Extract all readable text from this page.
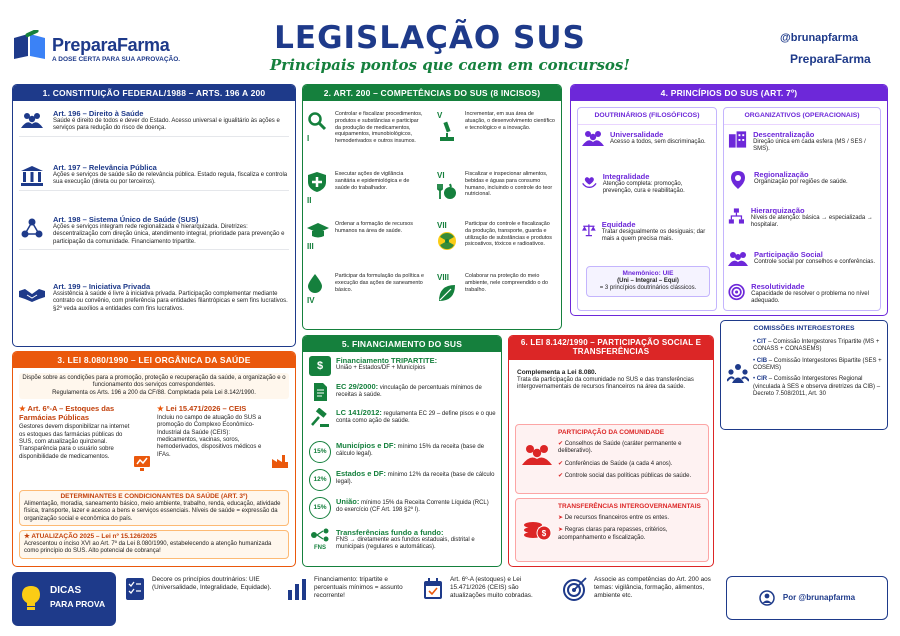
PreparaFarma
A DOSE CERTA PARA SUA APROVAÇÃO.
LEGISLAÇÃO SUS
Principais pontos que caem em concursos!
@brunapfarma
PreparaFarma
1. CONSTITUIÇÃO FEDERAL/1988 – ARTS. 196 A 200
Art. 196 – Direito à Saúde
Saúde é direito de todos e dever do Estado. Acesso universal e igualitário às ações e serviços para redução do risco de doença.
Art. 197 – Relevância Pública
Ações e serviços de saúde são de relevância pública. Estado regula, fiscaliza e controla sua execução (direta ou por terceiros).
Art. 198 – Sistema Único de Saúde (SUS)
Ações e serviços integram rede regionalizada e hierarquizada. Diretrizes: descentralização com direção única, atendimento integral, prioridade para prevenção e participação da comunidade. Financiamento tripartite.
Art. 199 – Iniciativa Privada
Assistência à saúde é livre à iniciativa privada. Participação complementar mediante contrato ou convênio, com preferência para entidades filantrópicas e sem fins lucrativos. §2º veda auxílios a entidades com fins lucrativos.
2. ART. 200 – COMPETÊNCIAS DO SUS (8 INCISOS)
I
Controlar e fiscalizar procedimentos, produtos e substâncias e participar da produção de medicamentos, equipamentos, imunobiológicos, hemoderivados e outros insumos.
V	Incrementar, em sua área de atuação, o desenvolvimento científico e tecnológico e a inovação.
II
Executar ações de vigilância sanitária e epidemiológica e de saúde do trabalhador.
VI	Fiscalizar e inspecionar alimentos, bebidas e águas para consumo humano, incluindo o controle do teor nutricional.
III
Ordenar a formação de recursos humanos na área de saúde.
VII	Participar do controle e fiscalização da produção, transporte, guarda e utilização de substâncias e produtos psicoativos, tóxicos e radioativos.
IV
Participar da formulação da política e execução das ações de saneamento básico.
VIII	Colaborar na proteção do meio ambiente, nele compreendido o do trabalho.
4. PRINCÍPIOS DO SUS (ART. 7º)
DOUTRINÁRIOS (FILOSÓFICOS)
Universalidade
Acesso a todos, sem discriminação.
Integralidade
Atenção completa: promoção, prevenção, cura e reabilitação.
Equidade
Tratar desigualmente os desiguais; dar mais a quem precisa mais.
Mnemônico: UIE
(Uni – Integral – Equi)
= 3 princípios doutrinários clássicos.
ORGANIZATIVOS (OPERACIONAIS)
Descentralização
Direção única em cada esfera (MS / SES / SMS).
Regionalização
Organização por regiões de saúde.
Hierarquização
Níveis de atenção: básica → especializada → hospitalar.
Participação Social
Controle social por conselhos e conferências.
Resolutividade
Capacidade de resolver o problema no nível adequado.
3. LEI 8.080/1990 – LEI ORGÂNICA DA SAÚDE
Dispõe sobre as condições para a promoção, proteção e recuperação da saúde, a organização e o funcionamento dos serviços correspondentes.
Regulamenta os Arts. 196 a 200 da CF/88. Completada pela Lei 8.142/1990.
★ Art. 6º-A – Estoques das Farmácias Públicas
Gestores devem disponibilizar na internet os estoques das farmácias públicas do SUS, com atualização quinzenal. Transparência para o usuário sobre disponibilidade de medicamentos.
★ Lei 15.471/2026 – CEIS
Incluiu no campo de atuação do SUS a promoção do Complexo Econômico-Industrial da Saúde (CEIS): medicamentos, vacinas, soros, hemoderivados, dispositivos médicos e IFAs.
DETERMINANTES E CONDICIONANTES DA SAÚDE (ART. 3º)
Alimentação, moradia, saneamento básico, meio ambiente, trabalho, renda, educação, atividade física, transporte, lazer e acesso a bens e serviços essenciais. Níveis de saúde = expressão da organização social e econômica do país.
★ ATUALIZAÇÃO 2025 – Lei nº 15.126/2025
Acrescentou o inciso XVI ao Art. 7º da Lei 8.080/1990, estabelecendo a atenção humanizada como princípio do SUS. Alto potencial de cobrança!
5. FINANCIAMENTO DO SUS
$	Financiamento TRIPARTITE:
União + Estados/DF + Municípios
EC 29/2000: vinculação de percentuais mínimos de receitas à saúde.
LC 141/2012: regulamenta EC 29 – define pisos e o que conta como ação de saúde.
15%
Municípios e DF: mínimo 15% da receita (base de cálculo legal).
12%
Estados e DF: mínimo 12% da receita (base de cálculo legal).
15%
União: mínimo 15% da Receita Corrente Líquida (RCL) do exercício (CF Art. 198 §2º I).
FNS
Transferências fundo a fundo:
FNS → diretamente aos fundos estaduais, distrital e municipais (regulares e automáticas).
6. LEI 8.142/1990 – PARTICIPAÇÃO SOCIAL E TRANSFERÊNCIAS
Complementa a Lei 8.080.
Trata da participação da comunidade no SUS e das transferências intergovernamentais de recursos financeiros na área da saúde.
PARTICIPAÇÃO DA COMUNIDADE
✔ Conselhos de Saúde (caráter permanente e deliberativo).
✔ Conferências de Saúde (a cada 4 anos).
✔ Controle social das políticas públicas de saúde.
$
TRANSFERÊNCIAS INTERGOVERNAMENTAIS
➤ De recursos financeiros entre os entes.
➤ Regras claras para repasses, critérios, acompanhamento e fiscalização.
COMISSÕES INTERGESTORES
• CIT – Comissão Intergestores Tripartite (MS + CONASS + CONASEMS)
• CIB – Comissão Intergestores Bipartite (SES + COSEMS)
• CIR – Comissão Intergestores Regional (vinculada à SES e observa diretrizes da CIB) – Decreto 7.508/2011, Art. 30
DICAS
PARA PROVA
Decore os princípios doutrinários: UIE (Universalidade, Integralidade, Equidade).
Financiamento: tripartite e percentuais mínimos = assunto recorrente!
Art. 6º-A (estoques) e Lei 15.471/2026 (CEIS) são atualizações muito cobradas.
Associe as competências do Art. 200 aos temas: vigilância, formação, alimentos, ambiente etc.	Por @brunapfarma
